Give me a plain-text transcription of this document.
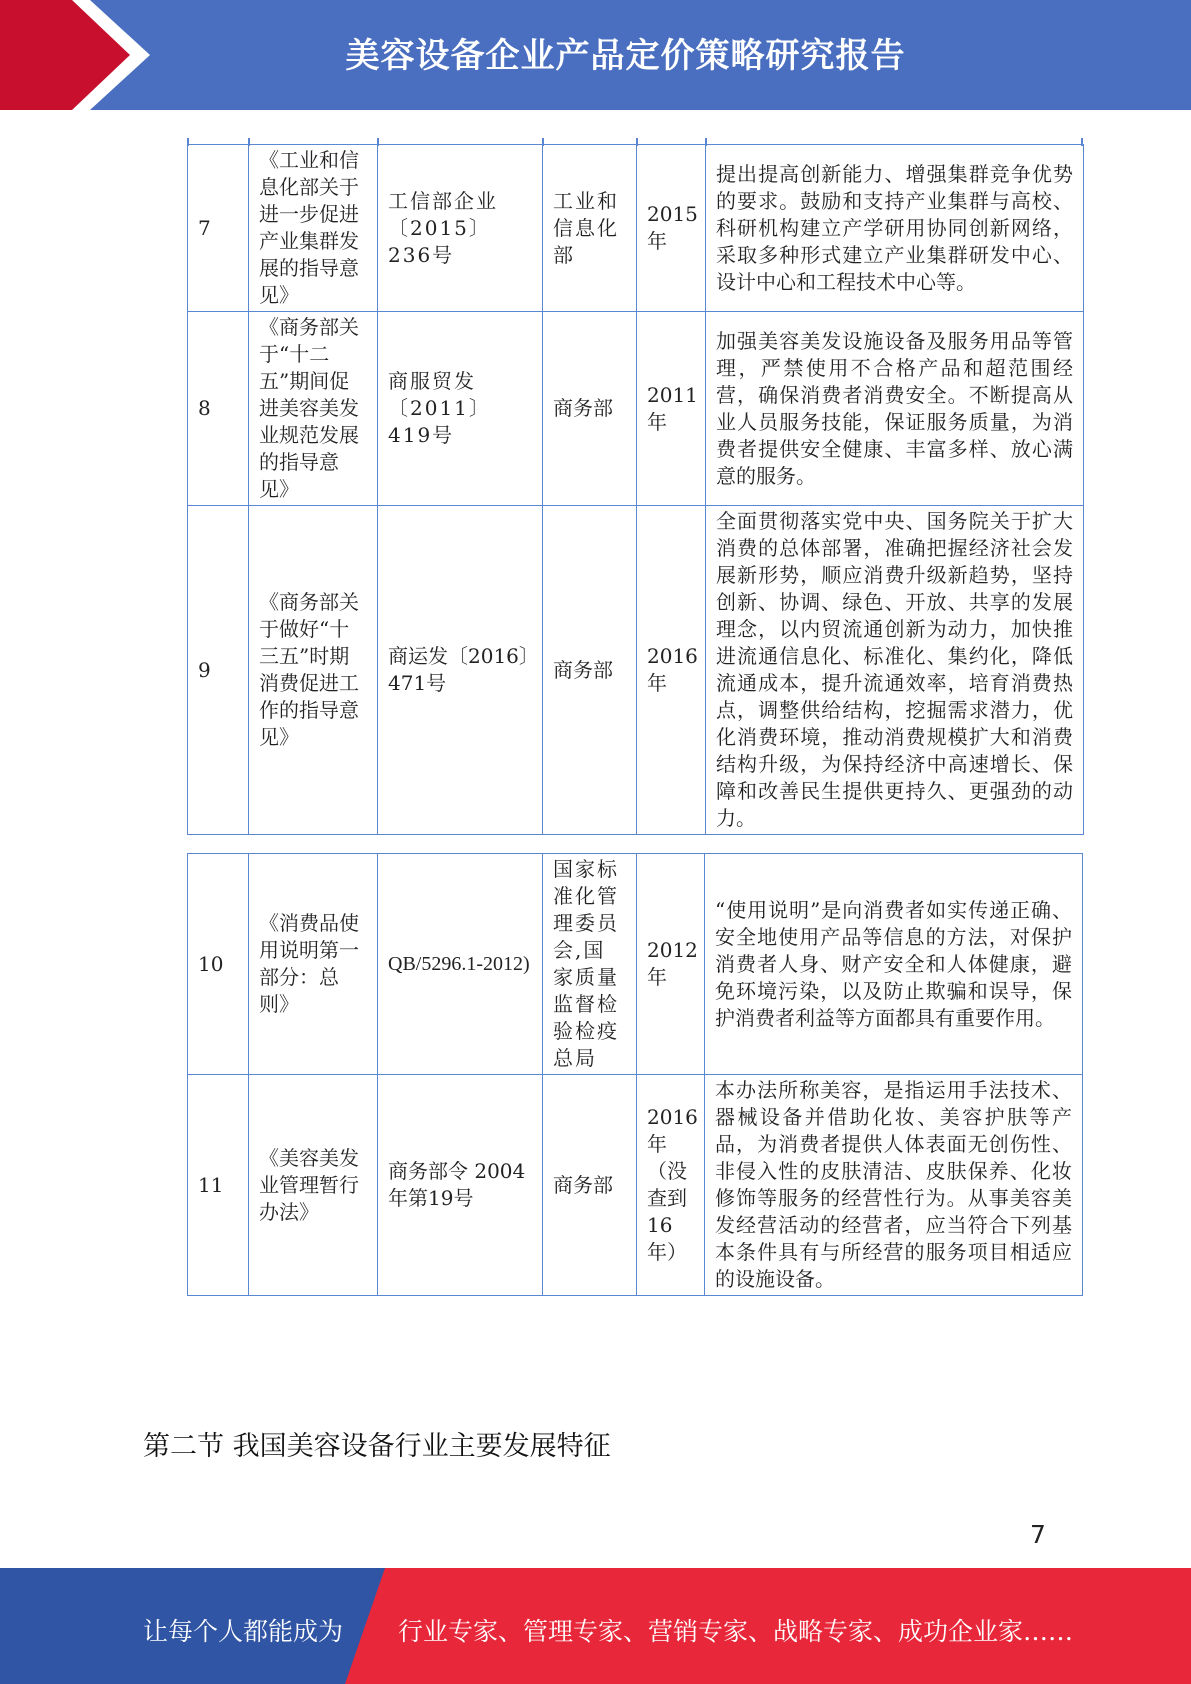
美容设备企业产品定价策略研究报告
7	《工业和信息化部关于进一步促进产业集群发展的指导意见》	工信部企业〔2015〕236号	工业和信息化部	2015年	提出提高创新能力、增强集群竞争优势的要求。鼓励和支持产业集群与高校、科研机构建立产学研用协同创新网络，采取多种形式建立产业集群研发中心、设计中心和工程技术中心等。
8	《商务部关于“十二五”期间促进美容美发业规范发展的指导意见》	商服贸发〔2011〕419号	商务部	2011年	加强美容美发设施设备及服务用品等管理，严禁使用不合格产品和超范围经营，确保消费者消费安全。不断提高从业人员服务技能，保证服务质量，为消费者提供安全健康、丰富多样、放心满意的服务。
9	《商务部关于做好“十三五”时期消费促进工作的指导意见》	商运发〔2016〕471号	商务部	2016年	全面贯彻落实党中央、国务院关于扩大消费的总体部署，准确把握经济社会发展新形势，顺应消费升级新趋势，坚持创新、协调、绿色、开放、共享的发展理念，以内贸流通创新为动力，加快推进流通信息化、标准化、集约化，降低流通成本，提升流通效率，培育消费热点，调整供给结构，挖掘需求潜力，优化消费环境，推动消费规模扩大和消费结构升级，为保持经济中高速增长、保障和改善民生提供更持久、更强劲的动力。
10	《消费品使用说明第一部分：总则》	QB/5296.1-2012)	国家标准化管理委员会,国家质量监督检验检疫总局	2012年	“使用说明”是向消费者如实传递正确、安全地使用产品等信息的方法，对保护消费者人身、财产安全和人体健康，避免环境污染，以及防止欺骗和误导，保护消费者利益等方面都具有重要作用。
11	《美容美发业管理暂行办法》	商务部令 2004年第19号	商务部	2016年（没查到16年）	本办法所称美容，是指运用手法技术、器械设备并借助化妆、美容护肤等产品，为消费者提供人体表面无创伤性、非侵入性的皮肤清洁、皮肤保养、化妆修饰等服务的经营性行为。从事美容美发经营活动的经营者，应当符合下列基本条件具有与所经营的服务项目相适应的设施设备。
第二节 我国美容设备行业主要发展特征
7
让每个人都能成为 行业专家、管理专家、营销专家、战略专家、成功企业家……
